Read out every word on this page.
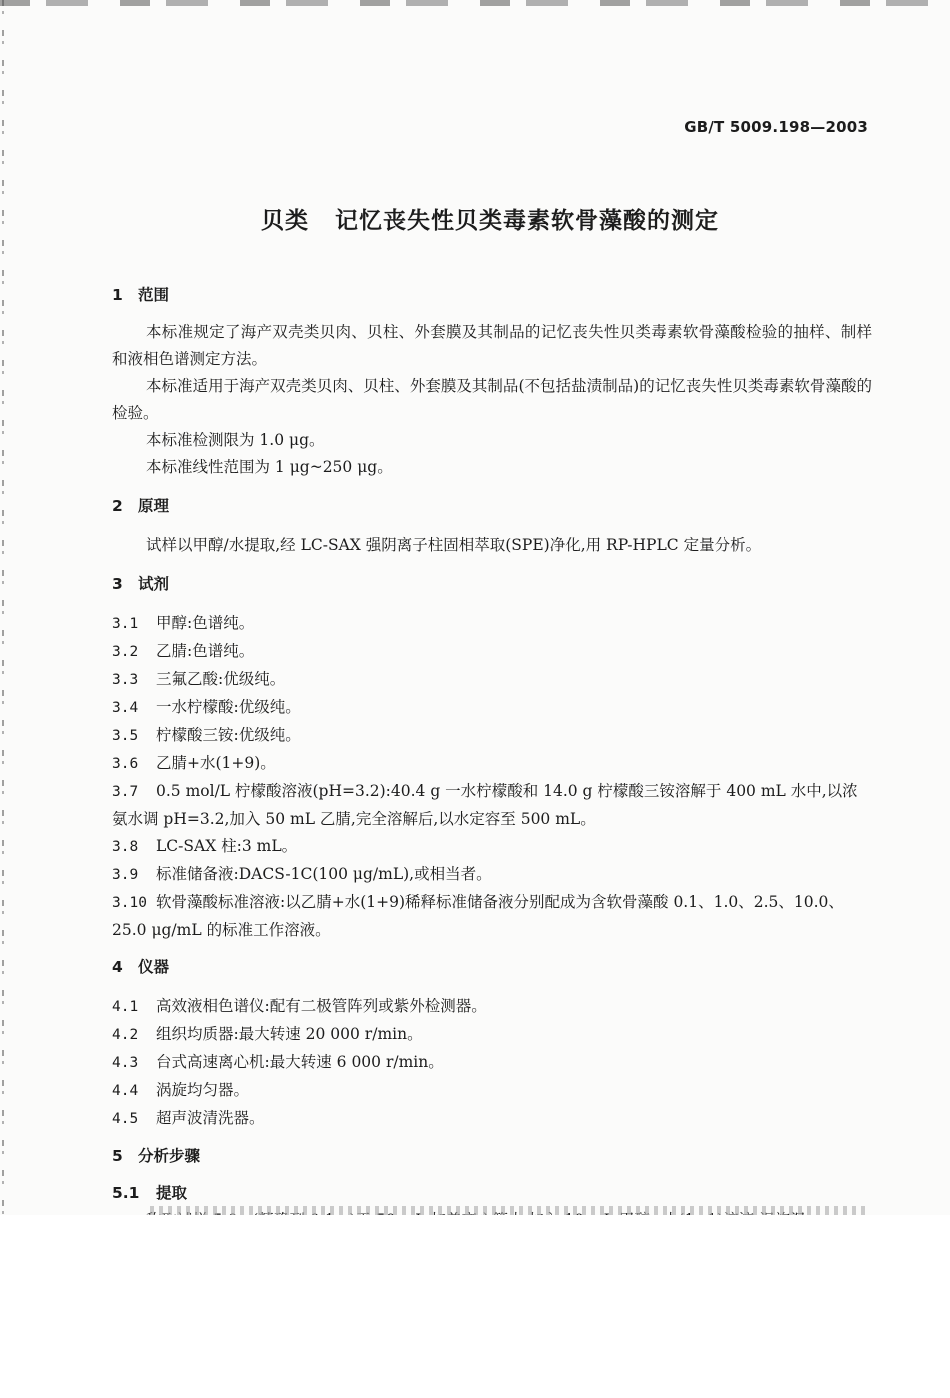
GB/T 5009.198—2003
贝类 记忆丧失性贝类毒素软骨藻酸的测定
1 范围

本标准规定了海产双壳类贝肉、贝柱、外套膜及其制品的记忆丧失性贝类毒素软骨藻酸检验的抽样、制样和液相色谱测定方法。

本标准适用于海产双壳类贝肉、贝柱、外套膜及其制品(不包括盐渍制品)的记忆丧失性贝类毒素软骨藻酸的检验。

本标准检测限为 1.0 μg。

本标准线性范围为 1 μg~250 μg。

2 原理

试样以甲醇/水提取,经 LC-SAX 强阴离子柱固相萃取(SPE)净化,用 RP-HPLC 定量分析。

3 试剂

3.1 甲醇:色谱纯。

3.2 乙腈:色谱纯。

3.3 三氟乙酸:优级纯。

3.4 一水柠檬酸:优级纯。

3.5 柠檬酸三铵:优级纯。

3.6 乙腈+水(1+9)。

3.7 0.5 mol/L 柠檬酸溶液(pH=3.2):40.4 g 一水柠檬酸和 14.0 g 柠檬酸三铵溶解于 400 mL 水中,以浓氨水调 pH=3.2,加入 50 mL 乙腈,完全溶解后,以水定容至 500 mL。

3.8 LC-SAX 柱:3 mL。

3.9 标准储备液:DACS-1C(100 μg/mL),或相当者。

3.10 软骨藻酸标准溶液:以乙腈+水(1+9)稀释标准储备液分别配成为含软骨藻酸 0.1、1.0、2.5、10.0、25.0 μg/mL 的标准工作溶液。

4 仪器

4.1 高效液相色谱仪:配有二极管阵列或紫外检测器。

4.2 组织均质器:最大转速 20 000 r/min。

4.3 台式高速离心机:最大转速 6 000 r/min。

4.4 涡旋均匀器。

4.5 超声波清洗器。

5 分析步骤
5.1 提取
